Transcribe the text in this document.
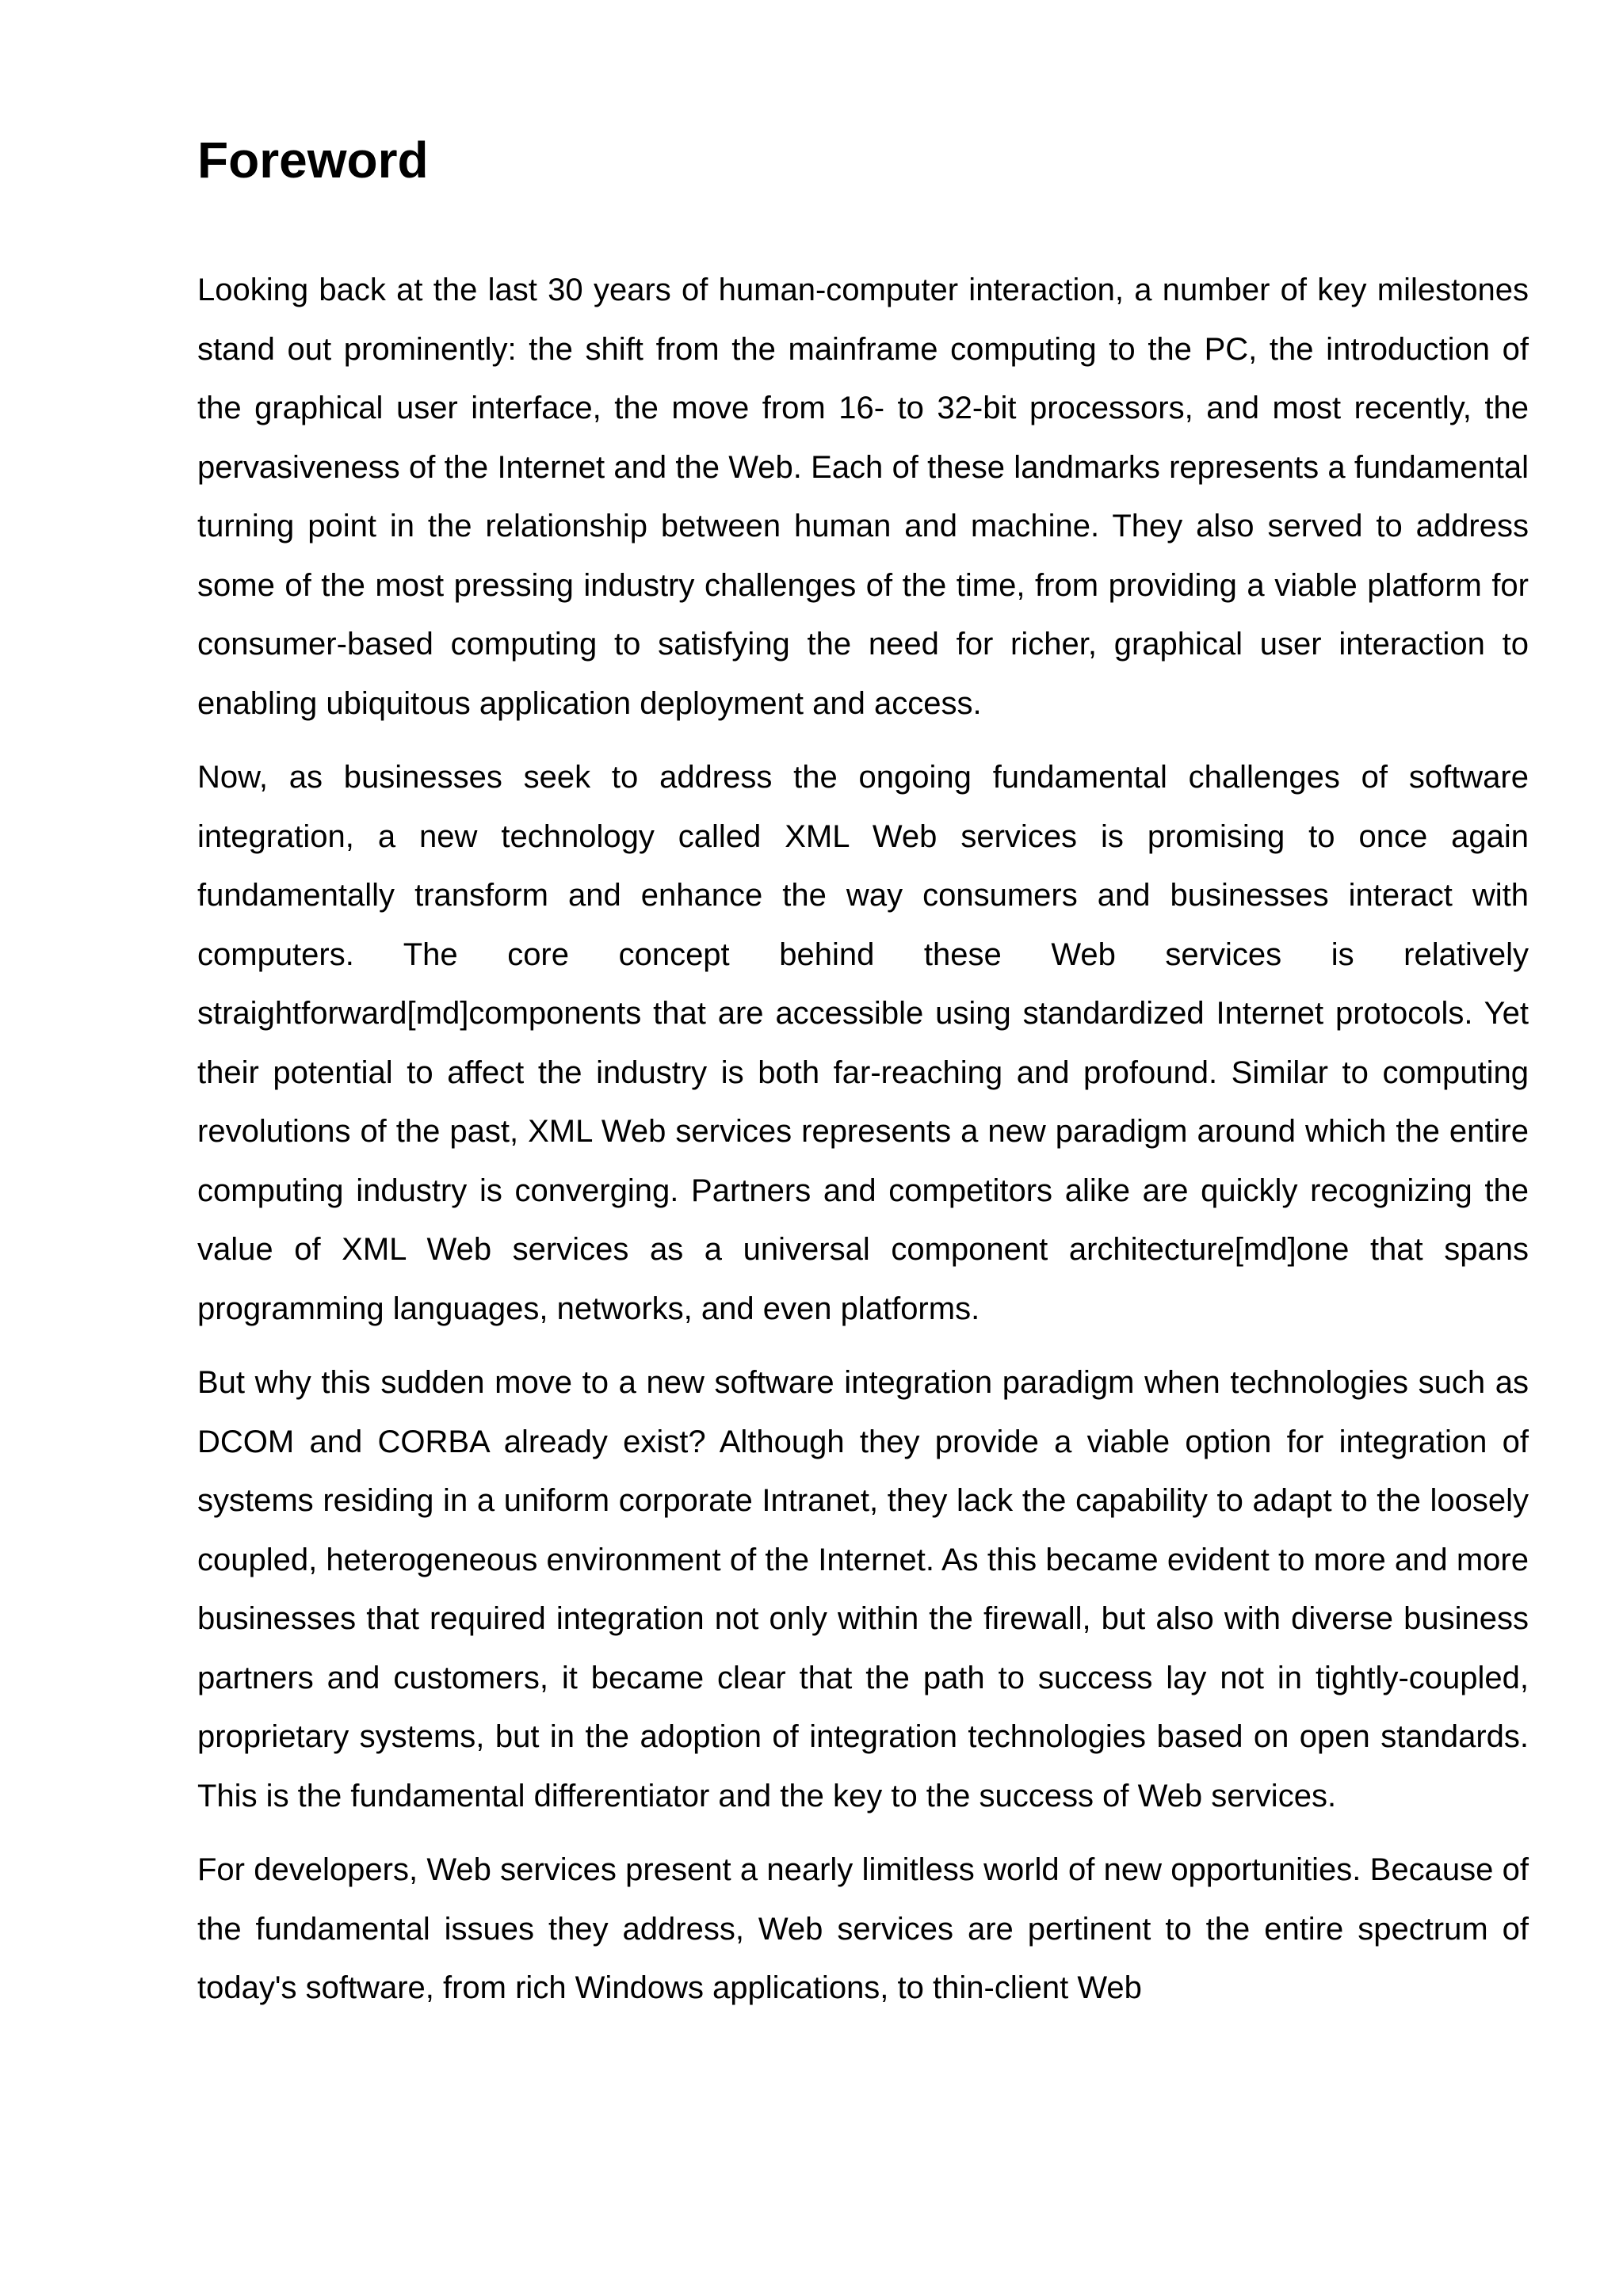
Foreword

Looking back at the last 30 years of human-computer interaction, a number of key milestones stand out prominently: the shift from the mainframe computing to the PC, the introduction of the graphical user interface, the move from 16- to 32-bit processors, and most recently, the pervasiveness of the Internet and the Web. Each of these landmarks represents a fundamental turning point in the relationship between human and machine. They also served to address some of the most pressing industry challenges of the time, from providing a viable platform for consumer-based computing to satisfying the need for richer, graphical user interaction to enabling ubiquitous application deployment and access.

Now, as businesses seek to address the ongoing fundamental challenges of software integration, a new technology called XML Web services is promising to once again fundamentally transform and enhance the way consumers and businesses interact with computers. The core concept behind these Web services is relatively straightforward[md]components that are accessible using standardized Internet protocols. Yet their potential to affect the industry is both far-reaching and profound. Similar to computing revolutions of the past, XML Web services represents a new paradigm around which the entire computing industry is converging. Partners and competitors alike are quickly recognizing the value of XML Web services as a universal component architecture[md]one that spans programming languages, networks, and even platforms.

But why this sudden move to a new software integration paradigm when technologies such as DCOM and CORBA already exist? Although they provide a viable option for integration of systems residing in a uniform corporate Intranet, they lack the capability to adapt to the loosely coupled, heterogeneous environment of the Internet. As this became evident to more and more businesses that required integration not only within the firewall, but also with diverse business partners and customers, it became clear that the path to success lay not in tightly-coupled, proprietary systems, but in the adoption of integration technologies based on open standards. This is the fundamental differentiator and the key to the success of Web services.

For developers, Web services present a nearly limitless world of new opportunities. Because of the fundamental issues they address, Web services are pertinent to the entire spectrum of today's software, from rich Windows applications, to thin-client Web
